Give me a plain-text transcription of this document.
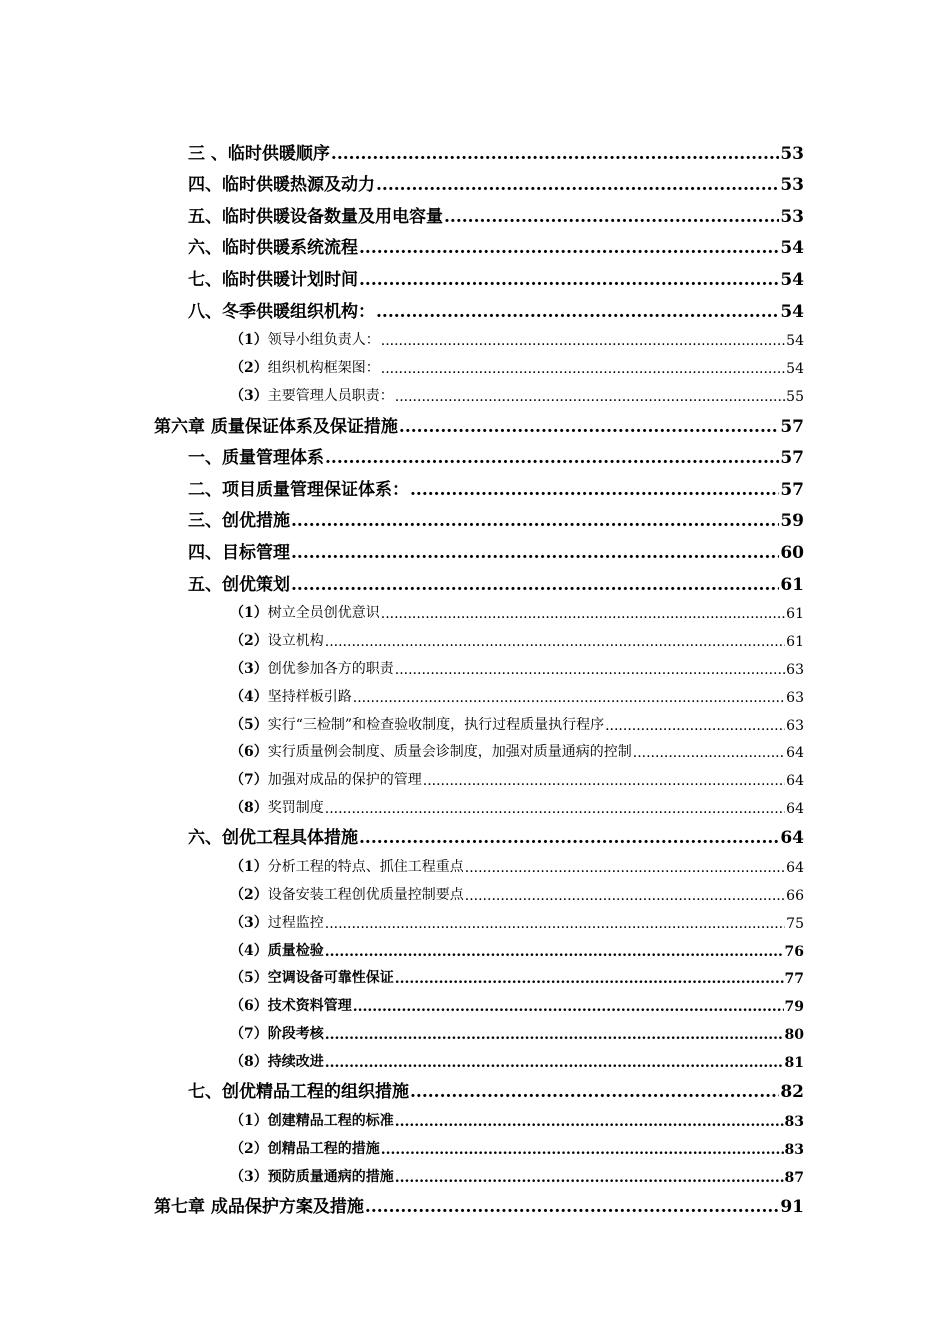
三 、临时供暖顺序 .....	53
四、临时供暖热源及动力 .....	53
五、临时供暖设备数量及用电容量 .....	53
六、临时供暖系统流程 .....	54
七、临时供暖计划时间 .....	54
八、冬季供暖组织机构： .....	54
（1）领导小组负责人： .....	54
（2）组织机构框架图： .....	54
（3）主要管理人员职责： .....	55
第六章 质量保证体系及保证措施 .....	57
一、质量管理体系 .....	57
二、项目质量管理保证体系： .....	57
三、创优措施 .....	59
四、目标管理 .....	60
五、创优策划 .....	61
（1）树立全员创优意识 .....	61
（2）设立机构 .....	61
（3）创优参加各方的职责 .....	63
（4）坚持样板引路 .....	63
（5）实行“三检制”和检查验收制度，执行过程质量执行程序 .....	63
（6）实行质量例会制度、质量会诊制度，加强对质量通病的控制 .....	64
（7）加强对成品的保护的管理 .....	64
（8）奖罚制度 .....	64
六、创优工程具体措施 .....	64
（1）分析工程的特点、抓住工程重点 .....	64
（2）设备安装工程创优质量控制要点 .....	66
（3）过程监控 .....	75
（4）质量检验 .....	76
（5）空调设备可靠性保证 .....	77
（6）技术资料管理 .....	79
（7）阶段考核 .....	80
（8）持续改进 .....	81
七、创优精品工程的组织措施 .....	82
（1）创建精品工程的标准 .....	83
（2）创精品工程的措施 .....	83
（3）预防质量通病的措施 .....	87
第七章 成品保护方案及措施 .....	91
